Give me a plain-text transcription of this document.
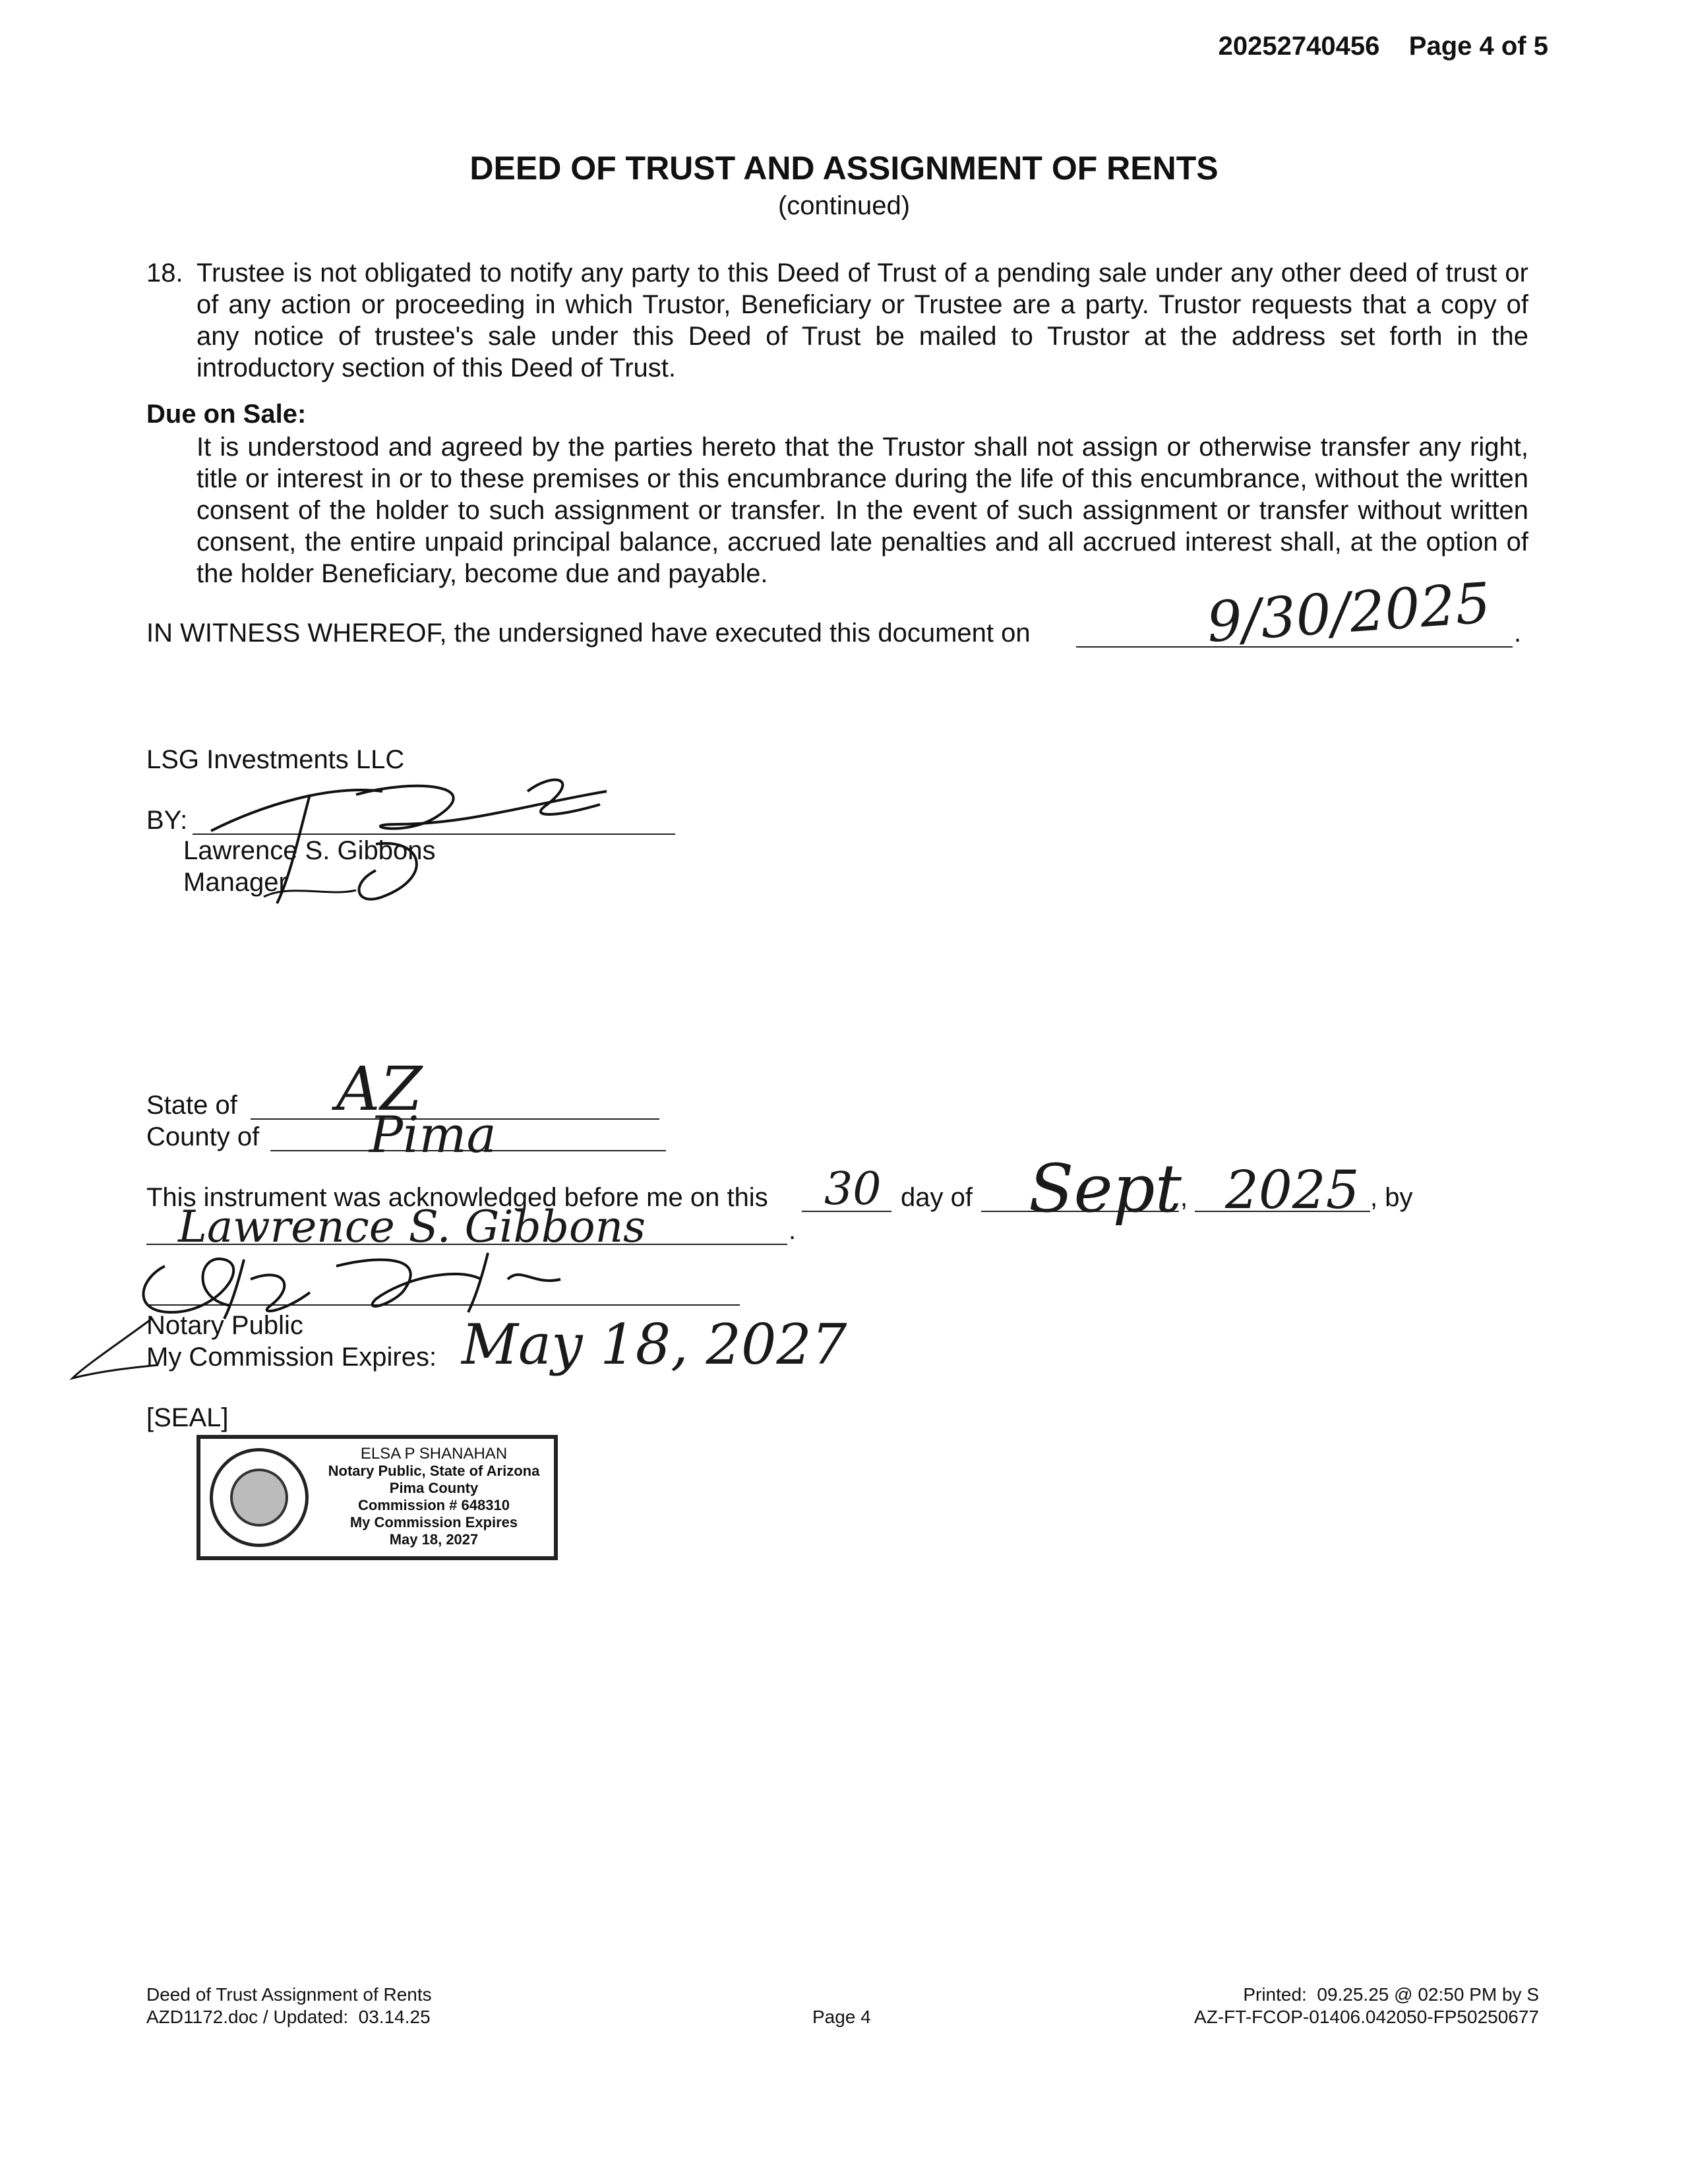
20252740456 Page 4 of 5
DEED OF TRUST AND ASSIGNMENT OF RENTS
(continued)
18. Trustee is not obligated to notify any party to this Deed of Trust of a pending sale under any other deed of trust or of any action or proceeding in which Trustor, Beneficiary or Trustee are a party. Trustor requests that a copy of any notice of trustee's sale under this Deed of Trust be mailed to Trustor at the address set forth in the introductory section of this Deed of Trust.
Due on Sale:
It is understood and agreed by the parties hereto that the Trustor shall not assign or otherwise transfer any right, title or interest in or to these premises or this encumbrance during the life of this encumbrance, without the written consent of the holder to such assignment or transfer. In the event of such assignment or transfer without written consent, the entire unpaid principal balance, accrued late penalties and all accrued interest shall, at the option of the holder Beneficiary, become due and payable.
IN WITNESS WHEREOF, the undersigned have executed this document on	.
9/30/2025
LSG Investments LLC
BY:
Lawrence S. Gibbons
Manager
State of AZ
County of Pima
This instrument was acknowledged before me on this 30 day of Sept
, 2025 , by
Lawrence S. Gibbons	.
Notary Public
My Commission Expires: May 18, 2027
[SEAL]
ELSA P SHANAHAN
Notary Public, State of Arizona
Pima County
Commission # 648310
My Commission Expires
May 18, 2027
Deed of Trust Assignment of Rents
AZD1172.doc / Updated:  03.14.25	Page 4
Printed:  09.25.25 @ 02:50 PM by S
AZ-FT-FCOP-01406.042050-FP50250677
